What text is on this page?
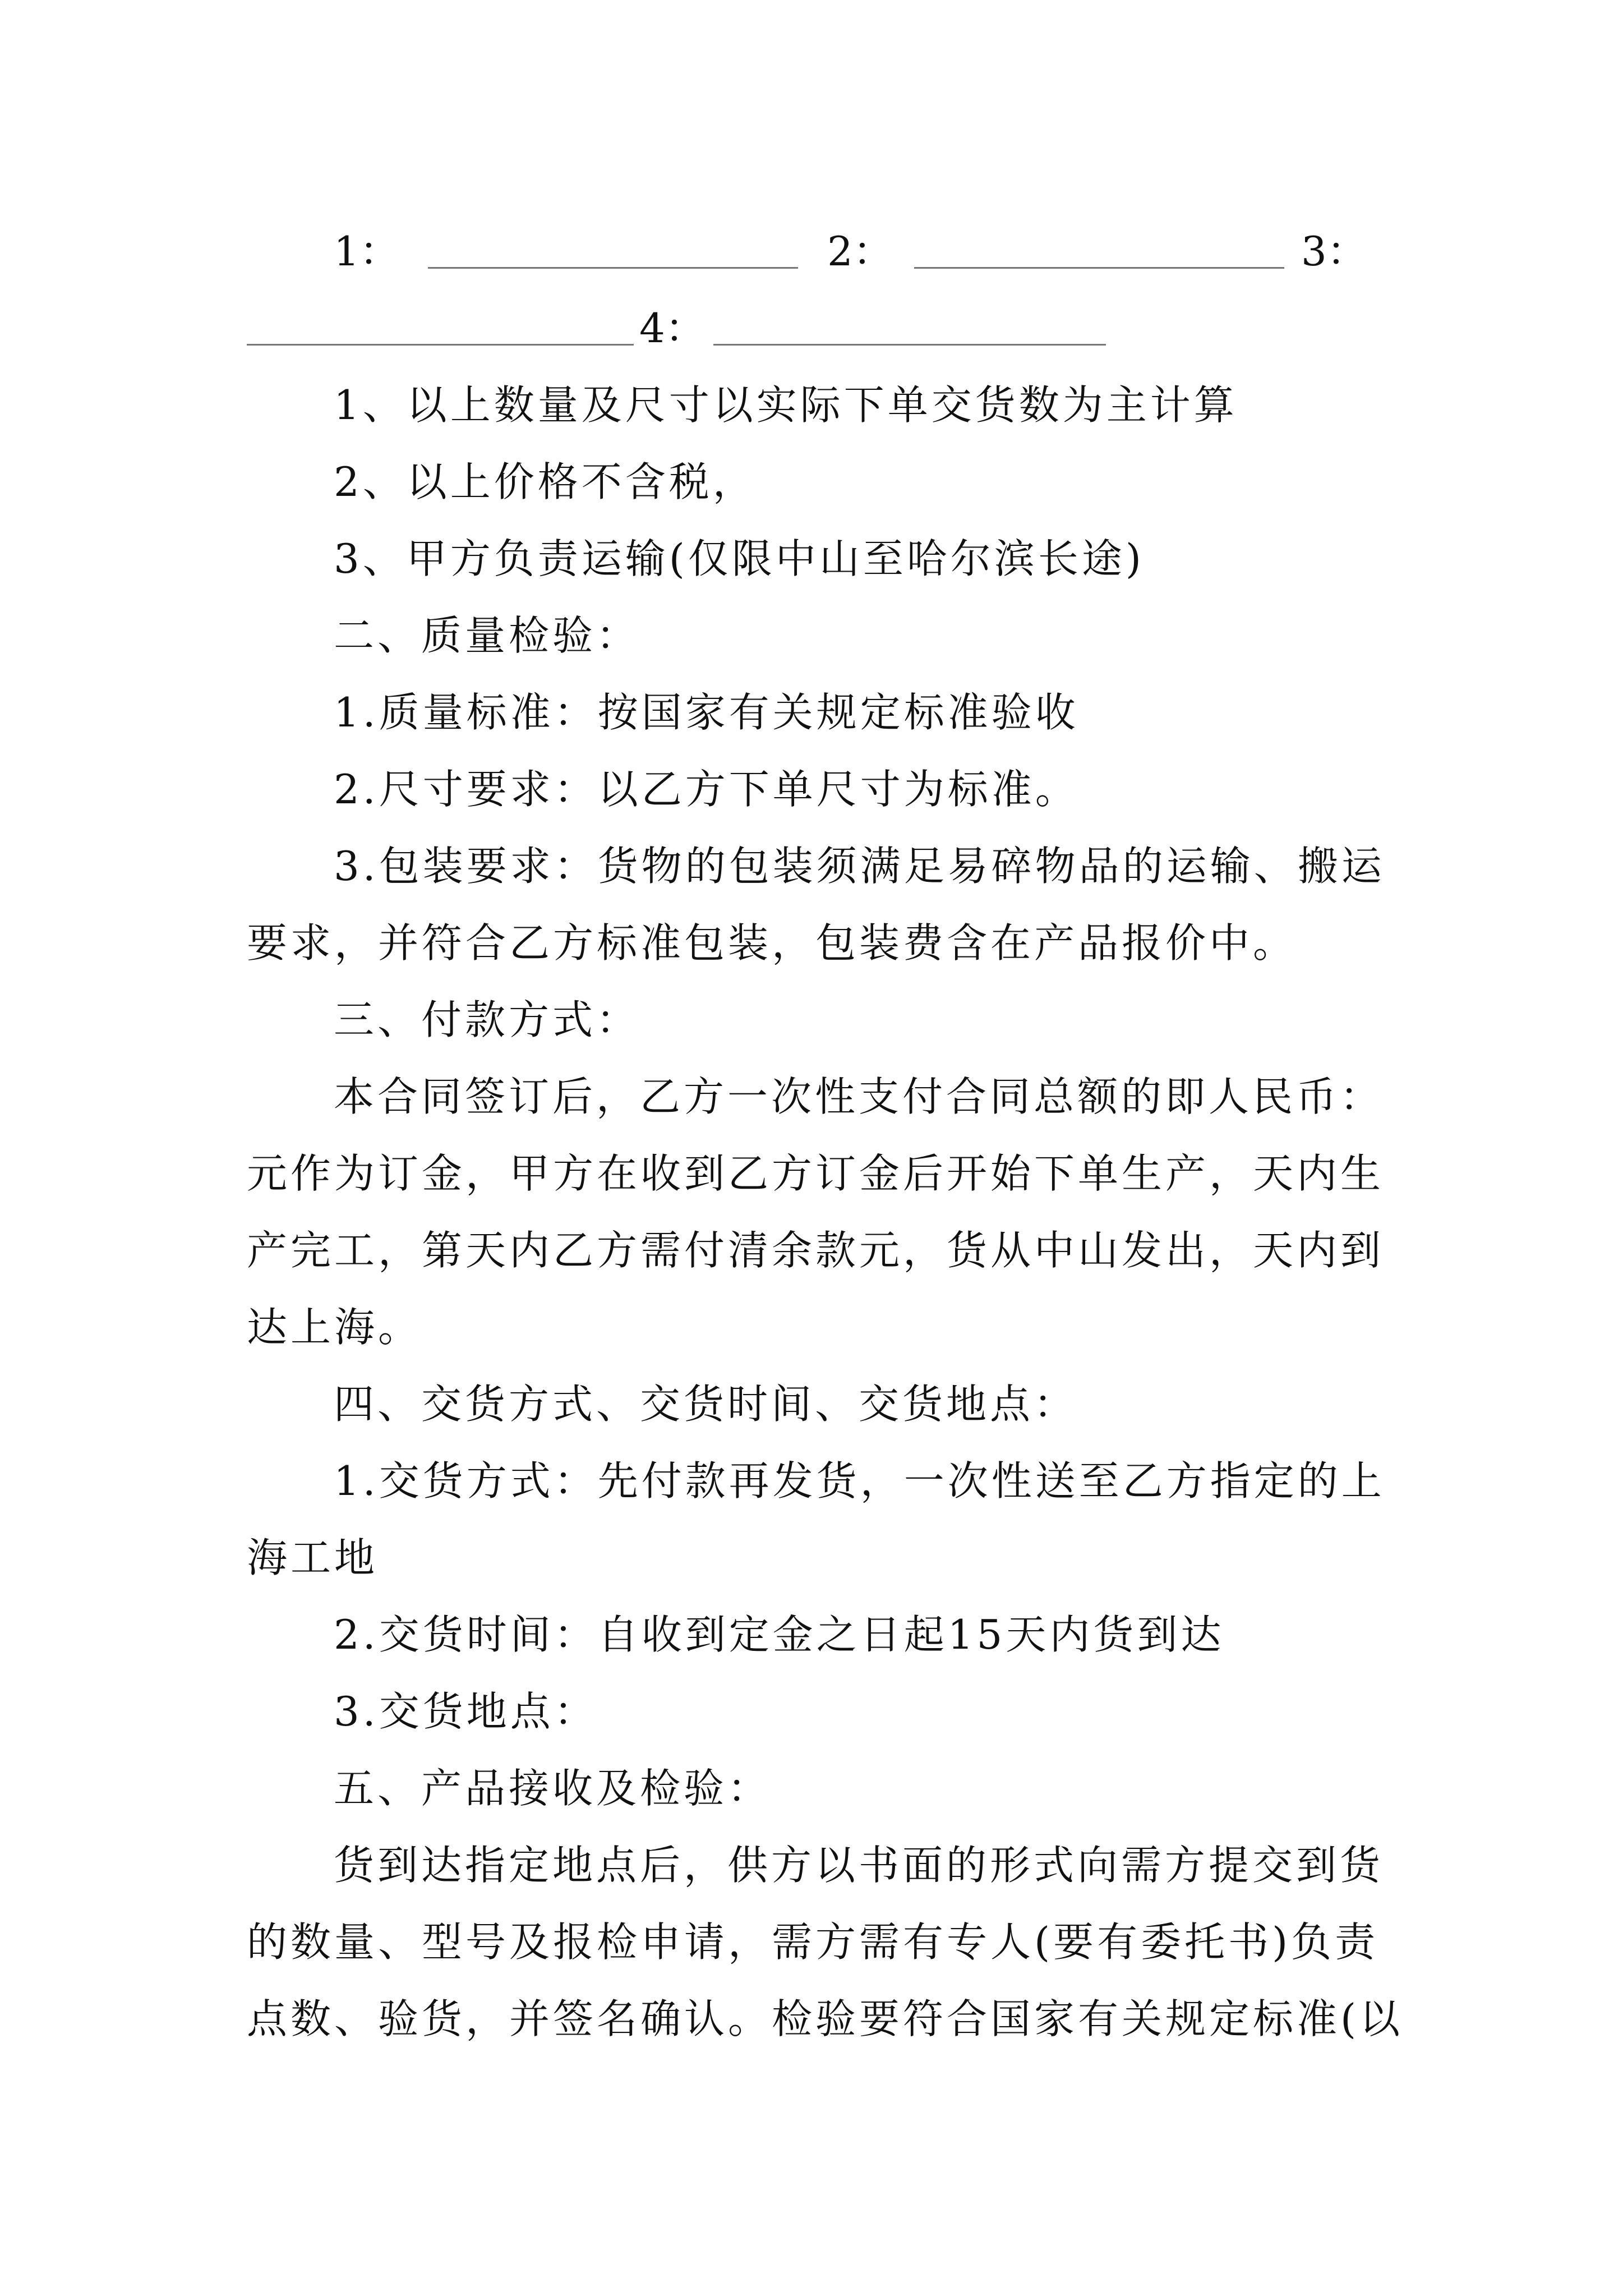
1：	2：	3：
4：
1、以上数量及尺寸以实际下单交货数为主计算
2、以上价格不含税，
3、甲方负责运输(仅限中山至哈尔滨长途)
二、质量检验：
1.质量标准：按国家有关规定标准验收
2.尺寸要求：以乙方下单尺寸为标准。
3.包装要求：货物的包装须满足易碎物品的运输、搬运
要求，并符合乙方标准包装，包装费含在产品报价中。
三、付款方式：
本合同签订后，乙方一次性支付合同总额的即人民币：
元作为订金，甲方在收到乙方订金后开始下单生产，天内生
产完工，第天内乙方需付清余款元，货从中山发出，天内到
达上海。
四、交货方式、交货时间、交货地点：
1.交货方式：先付款再发货，一次性送至乙方指定的上
海工地
2.交货时间：自收到定金之日起15天内货到达
3.交货地点：
五、产品接收及检验：
货到达指定地点后，供方以书面的形式向需方提交到货
的数量、型号及报检申请，需方需有专人(要有委托书)负责
点数、验货，并签名确认。检验要符合国家有关规定标准(以
